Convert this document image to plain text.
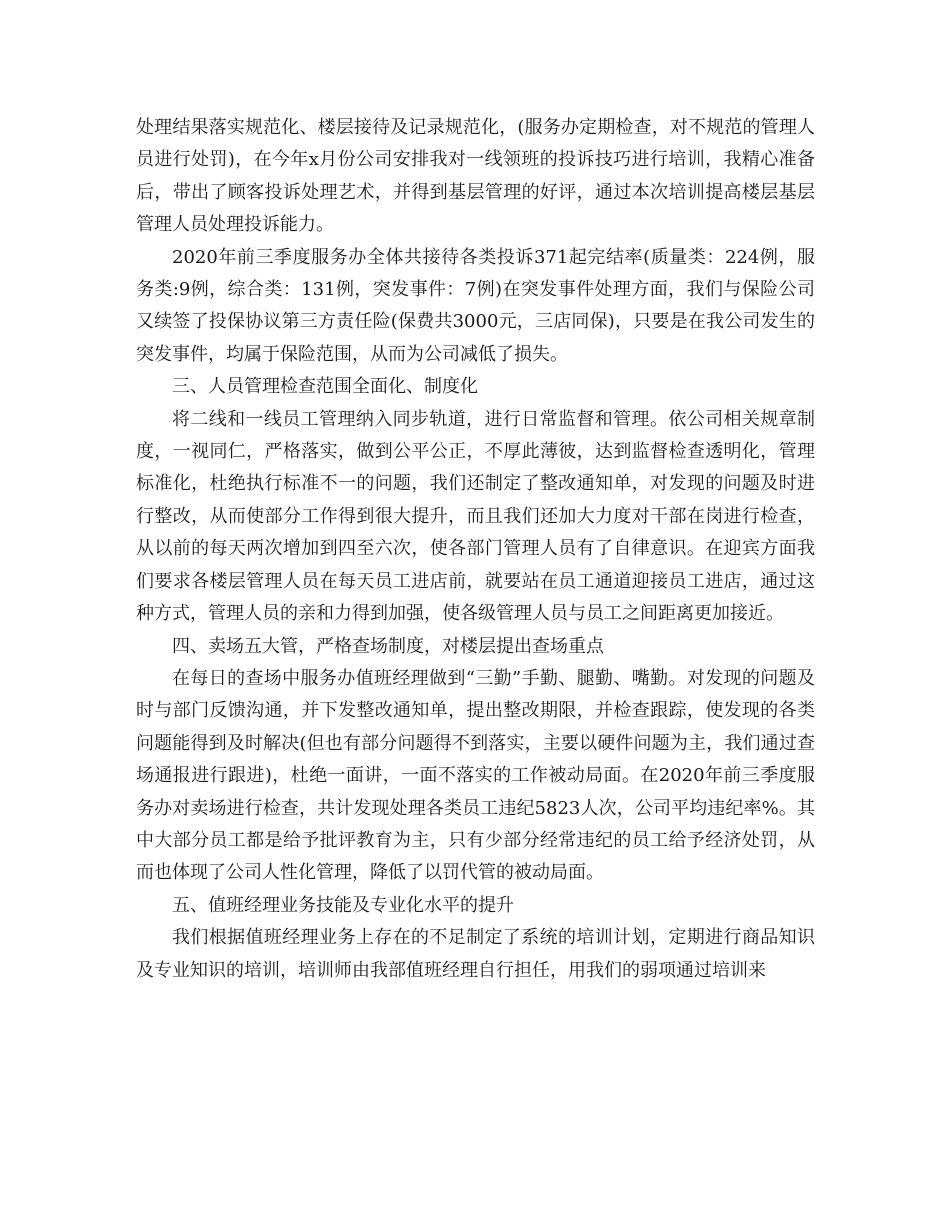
处理结果落实规范化、楼层接待及记录规范化，(服务办定期检查，对不规范的管理人员进行处罚)，在今年x月份公司安排我对一线领班的投诉技巧进行培训，我精心准备后，带出了顾客投诉处理艺术，并得到基层管理的好评，通过本次培训提高楼层基层管理人员处理投诉能力。

2020年前三季度服务办全体共接待各类投诉371起完结率(质量类：224例，服务类:9例，综合类：131例，突发事件：7例)在突发事件处理方面，我们与保险公司又续签了投保协议第三方责任险(保费共3000元，三店同保)，只要是在我公司发生的突发事件，均属于保险范围，从而为公司减低了损失。

三、人员管理检查范围全面化、制度化

将二线和一线员工管理纳入同步轨道，进行日常监督和管理。依公司相关规章制度，一视同仁，严格落实，做到公平公正，不厚此薄彼，达到监督检查透明化，管理标准化，杜绝执行标准不一的问题，我们还制定了整改通知单，对发现的问题及时进行整改，从而使部分工作得到很大提升，而且我们还加大力度对干部在岗进行检查，从以前的每天两次增加到四至六次，使各部门管理人员有了自律意识。在迎宾方面我们要求各楼层管理人员在每天员工进店前，就要站在员工通道迎接员工进店，通过这种方式，管理人员的亲和力得到加强，使各级管理人员与员工之间距离更加接近。

四、卖场五大管，严格查场制度，对楼层提出查场重点

在每日的查场中服务办值班经理做到“三勤”手勤、腿勤、嘴勤。对发现的问题及时与部门反馈沟通，并下发整改通知单，提出整改期限，并检查跟踪，使发现的各类问题能得到及时解决(但也有部分问题得不到落实，主要以硬件问题为主，我们通过查场通报进行跟进)，杜绝一面讲，一面不落实的工作被动局面。在2020年前三季度服务办对卖场进行检查，共计发现处理各类员工违纪5823人次，公司平均违纪率%。其中大部分员工都是给予批评教育为主，只有少部分经常违纪的员工给予经济处罚，从而也体现了公司人性化管理，降低了以罚代管的被动局面。

五、值班经理业务技能及专业化水平的提升

我们根据值班经理业务上存在的不足制定了系统的培训计划，定期进行商品知识及专业知识的培训，培训师由我部值班经理自行担任，用我们的弱项通过培训来
